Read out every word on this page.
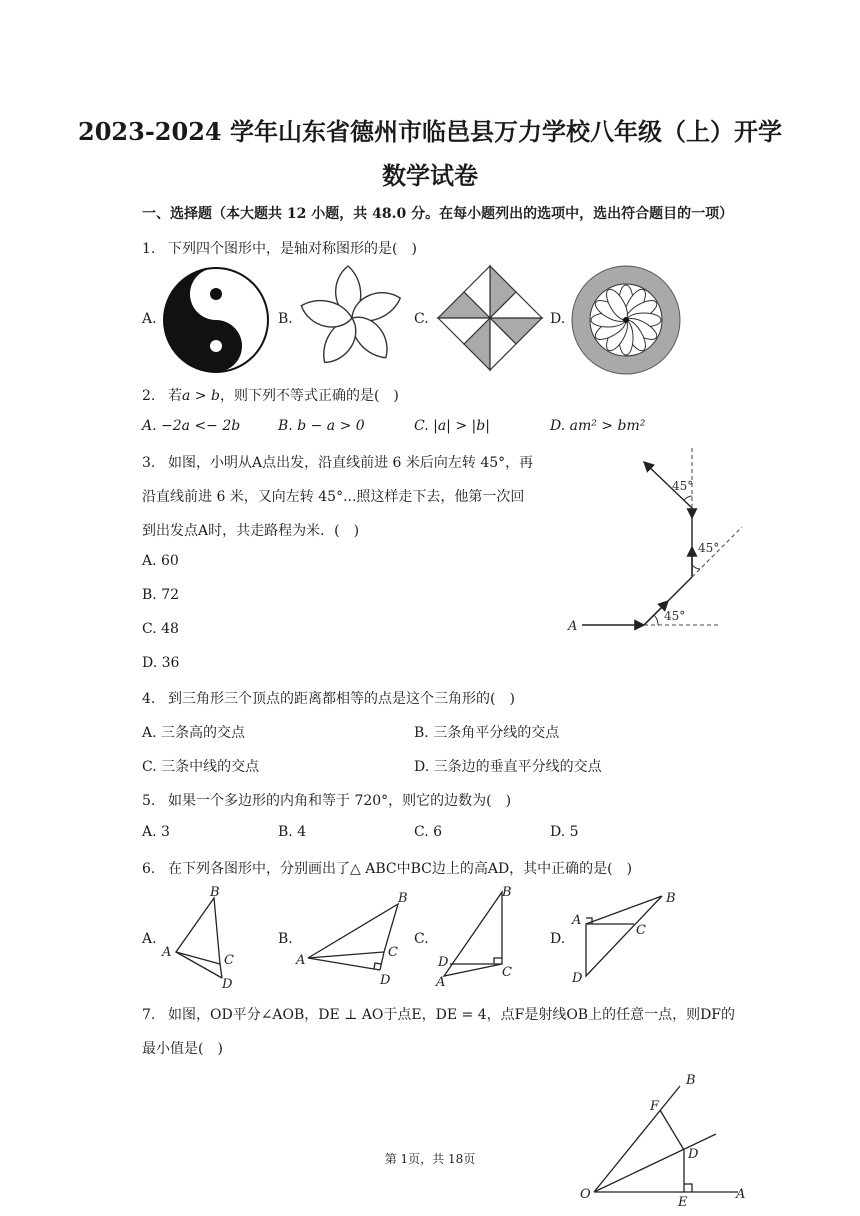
2023-2024 学年山东省德州市临邑县万力学校八年级（上）开学
数学试卷
一、选择题（本大题共 12 小题，共 48.0 分。在每小题列出的选项中，选出符合题目的一项）
1. 下列四个图形中，是轴对称图形的是(　)
A.	B.	C.	D.
2. 若a > b，则下列不等式正确的是(　)
A. −2a <− 2b	B. b − a > 0	C. |a| > |b|	D. am² > bm²
3. 如图，小明从A点出发，沿直线前进 6 米后向左转 45°，再
沿直线前进 6 米，又向左转 45°...照这样走下去，他第一次回
到出发点A时，共走路程为米．(　)
A. 60
B. 72
C. 48
D. 36
45°
45°
45°
A
4. 到三角形三个顶点的距离都相等的点是这个三角形的(　)
A. 三条高的交点	B. 三条角平分线的交点
C. 三条中线的交点	D. 三条边的垂直平分线的交点
5. 如果一个多边形的内角和等于 720°，则它的边数为(　)
A. 3	B. 4	C. 6	D. 5
6. 在下列各图形中，分别画出了△ ABC中BC边上的高AD，其中正确的是(　)
A.	B.	C.	D.
B
A
C
D
B
A
C
D
B
D
A
C
B
A
C
D
7. 如图，OD平分∠AOB，DE ⊥ AO于点E，DE = 4，点F是射线OB上的任意一点，则DF的
最小值是(　)
B
F
D
O
E
A
第 1页，共 18页
